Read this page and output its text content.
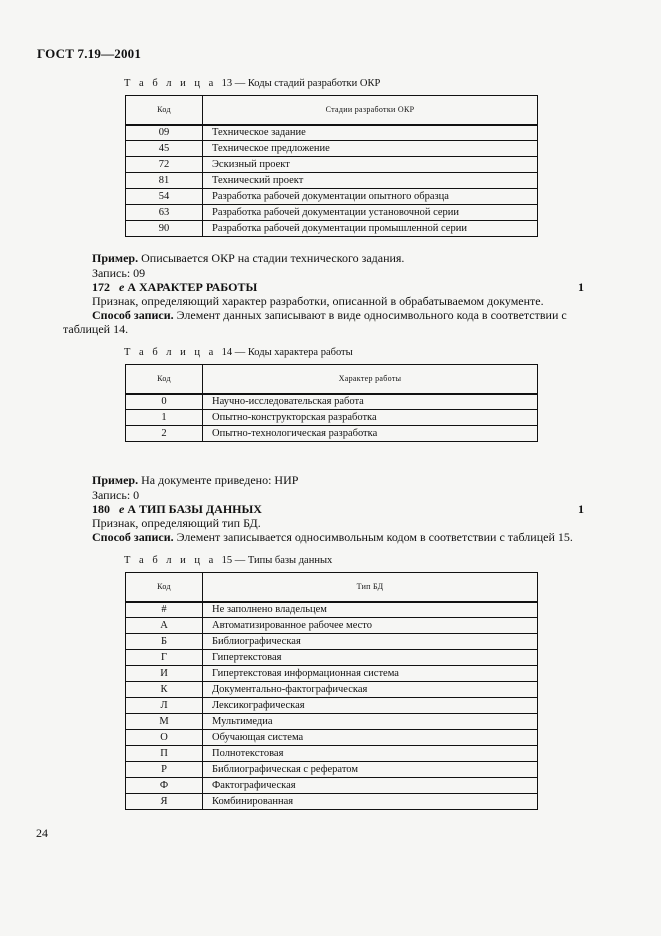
ГОСТ 7.19—2001
Т а б л и ц а 13 — Коды стадий разработки ОКР
Код	Стадии разработки ОКР
09	Техническое задание
45	Техническое предложение
72	Эскизный проект
81	Технический проект
54	Разработка рабочей документации опытного образца
63	Разработка рабочей документации установочной серии
90	Разработка рабочей документации промышленной серии
Пример. Описывается ОКР на стадии технического задания.
Запись: 09
172 e А ХАРАКТЕР РАБОТЫ	1
Признак, определяющий характер разработки, описанной в обрабатываемом документе.
Способ записи. Элемент данных записывают в виде односимвольного кода в соответствии с
таблицей 14.
Т а б л и ц а 14 — Коды характера работы
Код	Характер работы
0	Научно-исследовательская работа
1	Опытно-конструкторская разработка
2	Опытно-технологическая разработка
Пример. На документе приведено: НИР
Запись: 0
180 e А ТИП БАЗЫ ДАННЫХ	1
Признак, определяющий тип БД.
Способ записи. Элемент записывается односимвольным кодом в соответствии с таблицей 15.
Т а б л и ц а 15 — Типы базы данных
Код	Тип БД
#	Не заполнено владельцем
А	Автоматизированное рабочее место
Б	Библиографическая
Г	Гипертекстовая
И	Гипертекстовая информационная система
К	Документально-фактографическая
Л	Лексикографическая
М	Мультимедиа
О	Обучающая система
П	Полнотекстовая
Р	Библиографическая с рефератом
Ф	Фактографическая
Я	Комбинированная
24
